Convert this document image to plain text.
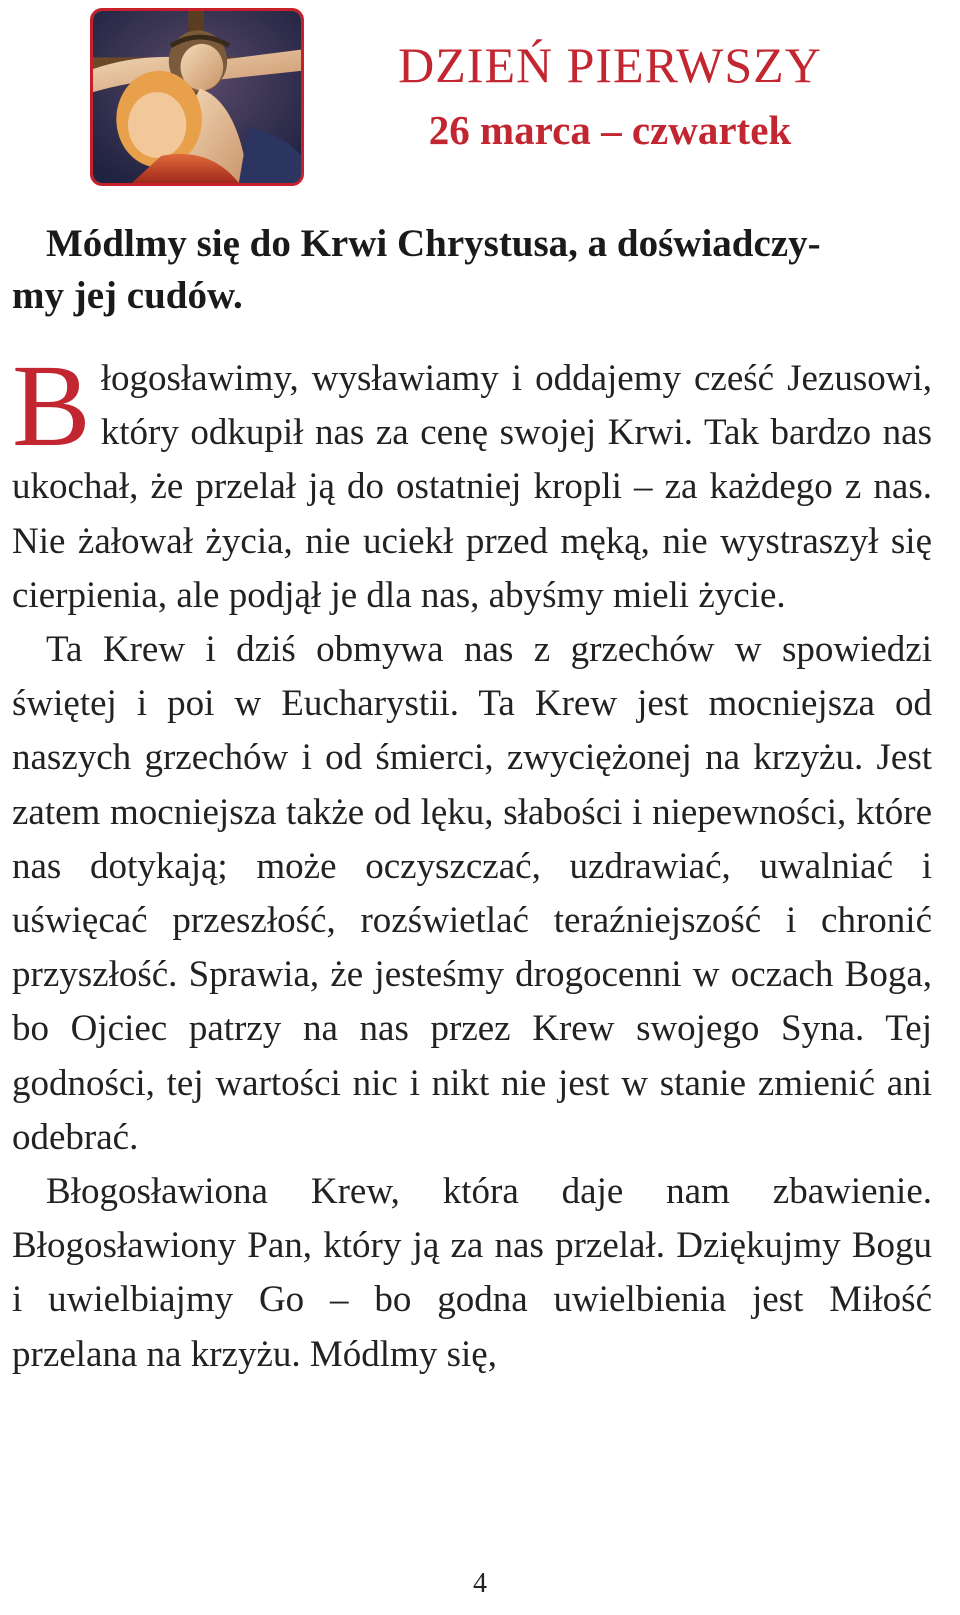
DZIEŃ PIERWSZY
26 marca – czwartek

Módlmy się do Krwi Chrystusa, a doświadczy-
my jej cudów.

Błogosławimy, wysławiamy i oddajemy cześć Jezusowi, który odkupił nas za cenę swojej Krwi. Tak bardzo nas ukochał, że przelał ją do ostatniej kropli – za każdego z nas. Nie żałował życia, nie uciekł przed męką, nie wystraszył się cierpienia, ale podjął je dla nas, abyśmy mieli życie.

Ta Krew i dziś obmywa nas z grzechów w spowiedzi świętej i poi w Eucharystii. Ta Krew jest mocniejsza od naszych grzechów i od śmierci, zwyciężonej na krzyżu. Jest zatem mocniejsza także od lęku, słabości i niepewności, które nas dotykają; może oczyszczać, uzdrawiać, uwalniać i uświęcać przeszłość, rozświetlać teraźniejszość i chronić przyszłość. Sprawia, że jesteśmy drogocenni w oczach Boga, bo Ojciec patrzy na nas przez Krew swojego Syna. Tej godności, tej wartości nic i nikt nie jest w stanie zmienić ani odebrać.

Błogosławiona Krew, która daje nam zbawienie. Błogosławiony Pan, który ją za nas przelał. Dziękujmy Bogu i uwielbiajmy Go – bo godna uwielbienia jest Miłość przelana na krzyżu. Módlmy się,

4
